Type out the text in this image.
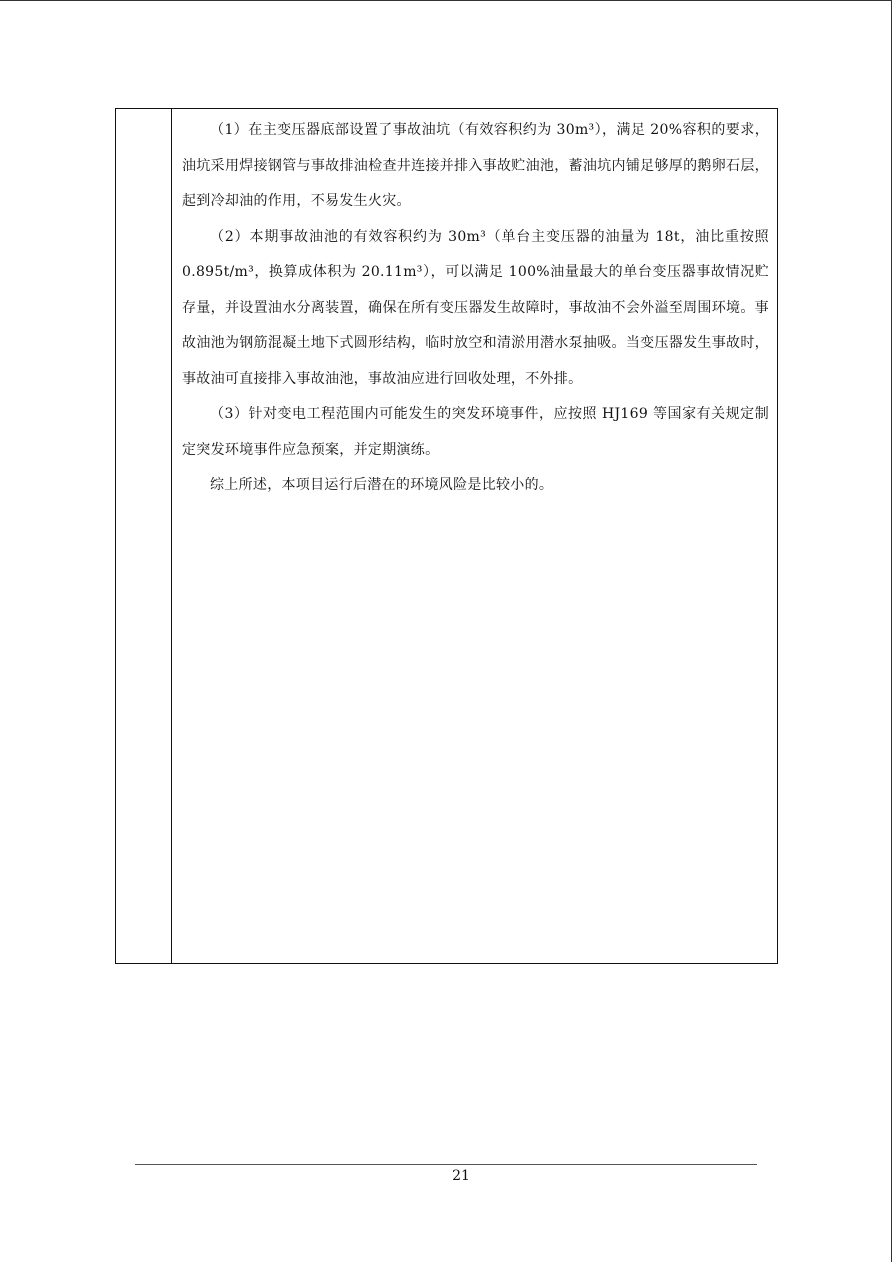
（1）在主变压器底部设置了事故油坑（有效容积约为 30m³），满足 20%容积的要求，油坑采用焊接钢管与事故排油检查井连接并排入事故贮油池，蓄油坑内铺足够厚的鹅卵石层，起到冷却油的作用，不易发生火灾。

（2）本期事故油池的有效容积约为 30m³（单台主变压器的油量为 18t，油比重按照 0.895t/m³，换算成体积为 20.11m³），可以满足 100%油量最大的单台变压器事故情况贮存量，并设置油水分离装置，确保在所有变压器发生故障时，事故油不会外溢至周围环境。事故油池为钢筋混凝土地下式圆形结构，临时放空和清淤用潜水泵抽吸。当变压器发生事故时，事故油可直接排入事故油池，事故油应进行回收处理，不外排。

（3）针对变电工程范围内可能发生的突发环境事件，应按照 HJ169 等国家有关规定制定突发环境事件应急预案，并定期演练。

综上所述，本项目运行后潜在的环境风险是比较小的。

21
